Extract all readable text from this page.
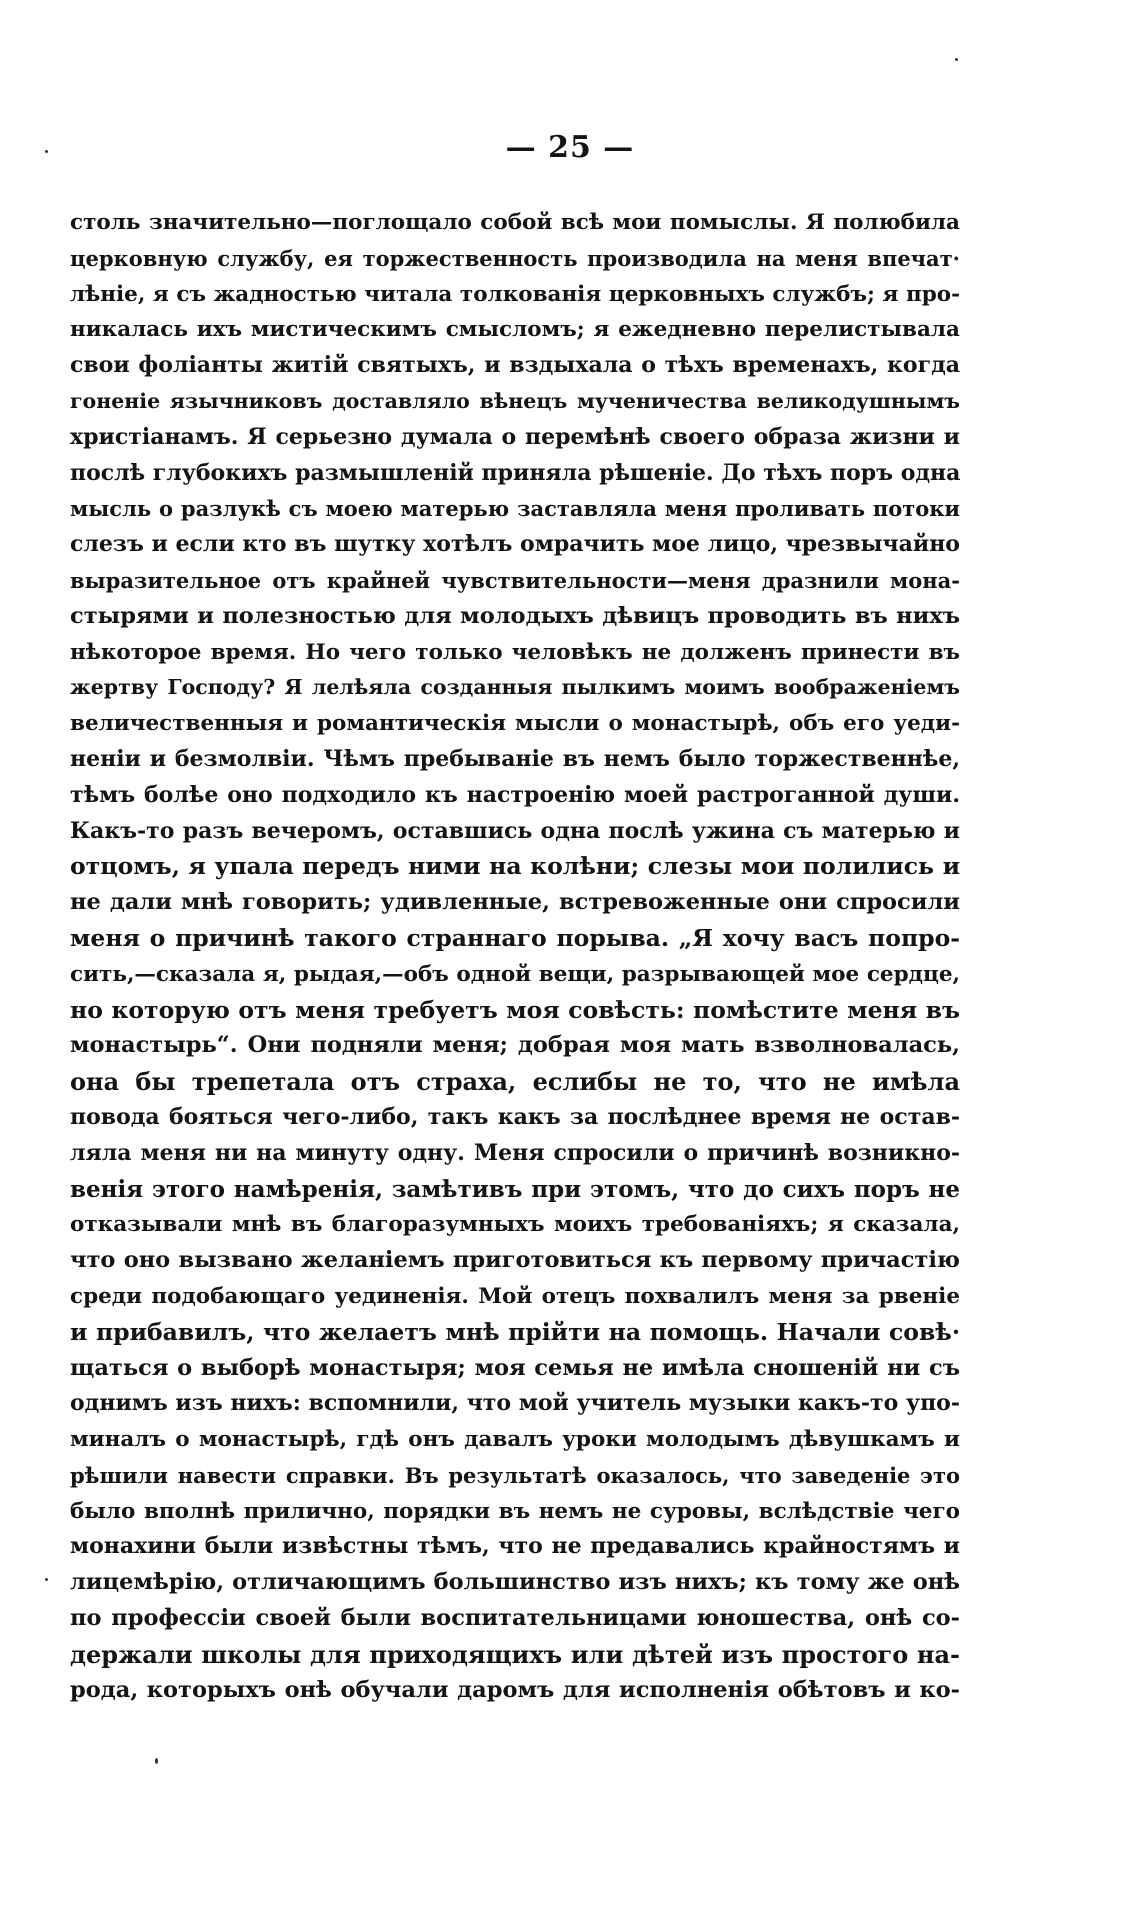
— 25 —
столь значительно—поглощало собой всѣ мои помыслы. Я полюбила
церковную службу, ея торжественность производила на меня впечат·
лѣніе, я съ жадностью читала толкованія церковныхъ службъ; я про-
никалась ихъ мистическимъ смысломъ; я ежедневно перелистывала
свои фоліанты житій святыхъ, и вздыхала о тѣхъ временахъ, когда
гоненіе язычниковъ доставляло вѣнецъ мученичества великодушнымъ
христіанамъ. Я серьезно думала о перемѣнѣ своего образа жизни и
послѣ глубокихъ размышленій приняла рѣшеніе. До тѣхъ поръ одна
мысль о разлукѣ съ моею матерью заставляла меня проливать потоки
слезъ и если кто въ шутку хотѣлъ омрачить мое лицо, чрезвычайно
выразительное отъ крайней чувствительности—меня дразнили мона-
стырями и полезностью для молодыхъ дѣвицъ проводить въ нихъ
нѣкоторое время. Но чего только человѣкъ не долженъ принести въ
жертву Господу? Я лелѣяла созданныя пылкимъ моимъ воображеніемъ
величественныя и романтическія мысли о монастырѣ, объ его уеди-
неніи и безмолвіи. Чѣмъ пребываніе въ немъ было торжественнѣе,
тѣмъ болѣе оно подходило къ настроенію моей растроганной души.
Какъ-то разъ вечеромъ, оставшись одна послѣ ужина съ матерью и
отцомъ, я упала передъ ними на колѣни; слезы мои полились и
не дали мнѣ говорить; удивленные, встревоженные они спросили
меня о причинѣ такого страннаго порыва. „Я хочу васъ попро-
сить,—сказала я, рыдая,—объ одной вещи, разрывающей мое сердце,
но которую отъ меня требуетъ моя совѣсть: помѣстите меня въ
монастырь“. Они подняли меня; добрая моя мать взволновалась,
она бы трепетала отъ страха, еслибы не то, что не имѣла
повода бояться чего-либо, такъ какъ за послѣднее время не остав-
ляла меня ни на минуту одну. Меня спросили о причинѣ возникно-
венія этого намѣренія, замѣтивъ при этомъ, что до сихъ поръ не
отказывали мнѣ въ благоразумныхъ моихъ требованіяхъ; я сказала,
что оно вызвано желаніемъ приготовиться къ первому причастію
среди подобающаго уединенія. Мой отецъ похвалилъ меня за рвеніе
и прибавилъ, что желаетъ мнѣ прійти на помощь. Начали совѣ·
щаться о выборѣ монастыря; моя семья не имѣла сношеній ни съ
однимъ изъ нихъ: вспомнили, что мой учитель музыки какъ-то упо-
миналъ о монастырѣ, гдѣ онъ давалъ уроки молодымъ дѣвушкамъ и
рѣшили навести справки. Въ результатѣ оказалось, что заведеніе это
было вполнѣ прилично, порядки въ немъ не суровы, вслѣдствіе чего
монахини были извѣстны тѣмъ, что не предавались крайностямъ и
лицемѣрію, отличающимъ большинство изъ нихъ; къ тому же онѣ
по профессіи своей были воспитательницами юношества, онѣ со-
держали школы для приходящихъ или дѣтей изъ простого на-
рода, которыхъ онѣ обучали даромъ для исполненія обѣтовъ и ко-
